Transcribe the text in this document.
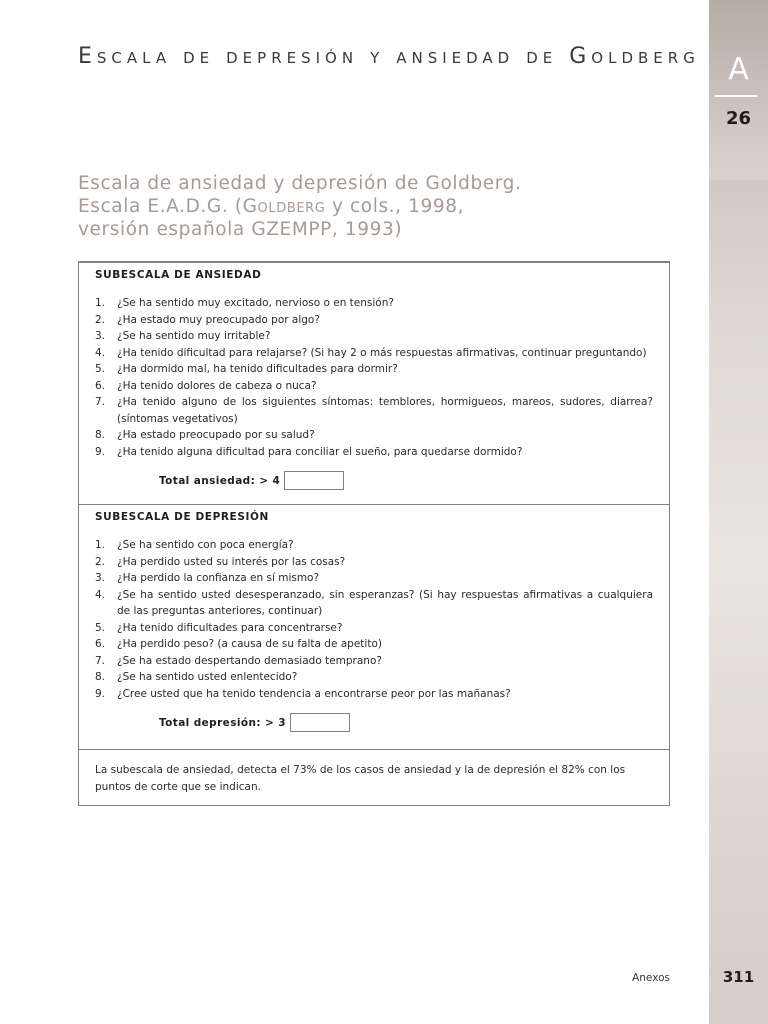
A
26
Escala de depresión y ansiedad de Goldberg
Escala de ansiedad y depresión de Goldberg.
Escala E.A.D.G. (Goldberg y cols., 1998,
versión española GZEMPP, 1993)
SUBESCALA DE ANSIEDAD
1.	¿Se ha sentido muy excitado, nervioso o en tensión?
2.	¿Ha estado muy preocupado por algo?
3.	¿Se ha sentido muy irritable?
4.	¿Ha tenido dificultad para relajarse? (Si hay 2 o más respuestas afirmativas, continuar preguntando)
5.	¿Ha dormido mal, ha tenido dificultades para dormir?
6.	¿Ha tenido dolores de cabeza o nuca?
7.	¿Ha tenido alguno de los siguientes síntomas: temblores, hormigueos, mareos, sudores, diarrea? (síntomas vegetativos)
8.	¿Ha estado preocupado por su salud?
9.	¿Ha tenido alguna dificultad para conciliar el sueño, para quedarse dormido?
Total ansiedad: > 4
SUBESCALA DE DEPRESIÓN
1.	¿Se ha sentido con poca energía?
2.	¿Ha perdido usted su interés por las cosas?
3.	¿Ha perdido la confianza en sí mismo?
4.	¿Se ha sentido usted desesperanzado, sin esperanzas? (Si hay respuestas afirmativas a cualquiera de las preguntas anteriores, continuar)
5.	¿Ha tenido dificultades para concentrarse?
6.	¿Ha perdido peso? (a causa de su falta de apetito)
7.	¿Se ha estado despertando demasiado temprano?
8.	¿Se ha sentido usted enlentecido?
9.	¿Cree usted que ha tenido tendencia a encontrarse peor por las mañanas?
Total depresión: > 3
La subescala de ansiedad, detecta el 73% de los casos de ansiedad y la de depresión el 82% con los puntos de corte que se indican.
Anexos	311
